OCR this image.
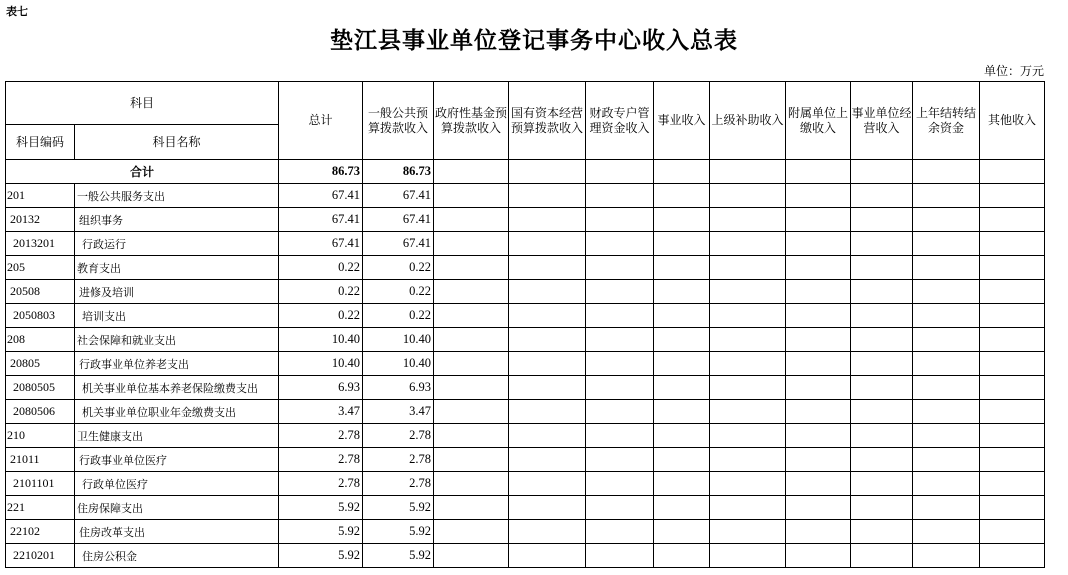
表七
垫江县事业单位登记事务中心收入总表
单位：万元
科目		总计	一般公共预算拨款收入	政府性基金预算拨款收入	国有资本经营预算拨款收入	财政专户管理资金收入	事业收入	上级补助收入	附属单位上缴收入	事业单位经营收入	上年结转结余资金	其他收入
科目编码	科目名称											
合计		86.73	86.73									
201	一般公共服务支出	67.41	67.41									
20132	组织事务	67.41	67.41									
2013201	行政运行	67.41	67.41									
205	教育支出	0.22	0.22									
20508	进修及培训	0.22	0.22									
2050803	培训支出	0.22	0.22									
208	社会保障和就业支出	10.40	10.40									
20805	行政事业单位养老支出	10.40	10.40									
2080505	机关事业单位基本养老保险缴费支出	6.93	6.93									
2080506	机关事业单位职业年金缴费支出	3.47	3.47									
210	卫生健康支出	2.78	2.78									
21011	行政事业单位医疗	2.78	2.78									
2101101	行政单位医疗	2.78	2.78									
221	住房保障支出	5.92	5.92									
22102	住房改革支出	5.92	5.92									
2210201	住房公积金	5.92	5.92									
